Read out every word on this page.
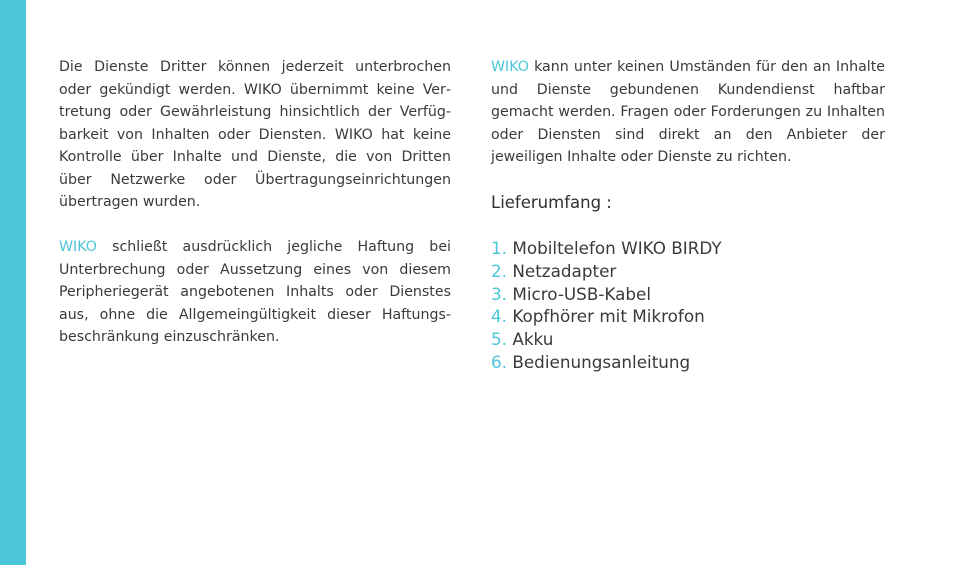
Die Dienste Dritter können jederzeit unterbrochen oder gekündigt werden. WIKO übernimmt keine Vertretung oder Gewährleistung hinsichtlich der Verfügbarkeit von Inhalten oder Diensten. WIKO hat keine Kontrolle über Inhalte und Dienste, die von Dritten über Netzwerke oder Übertragungseinrichtungen übertragen wurden.

WIKO schließt ausdrücklich jegliche Haftung bei Unterbrechung oder Aussetzung eines von diesem Peripheriegerät angebotenen Inhalts oder Dienstes aus, ohne die Allgemeingültigkeit dieser Haftungsbeschränkung einzuschränken.

WIKO kann unter keinen Umständen für den an Inhalte und Dienste gebundenen Kundendienst haftbar gemacht werden. Fragen oder Forderungen zu Inhalten oder Diensten sind direkt an den Anbieter der jeweiligen Inhalte oder Dienste zu richten.

Lieferumfang :
1. Mobiltelefon WIKO BIRDY
2. Netzadapter
3. Micro-USB-Kabel
4. Kopfhörer mit Mikrofon
5. Akku
6. Bedienungsanleitung
